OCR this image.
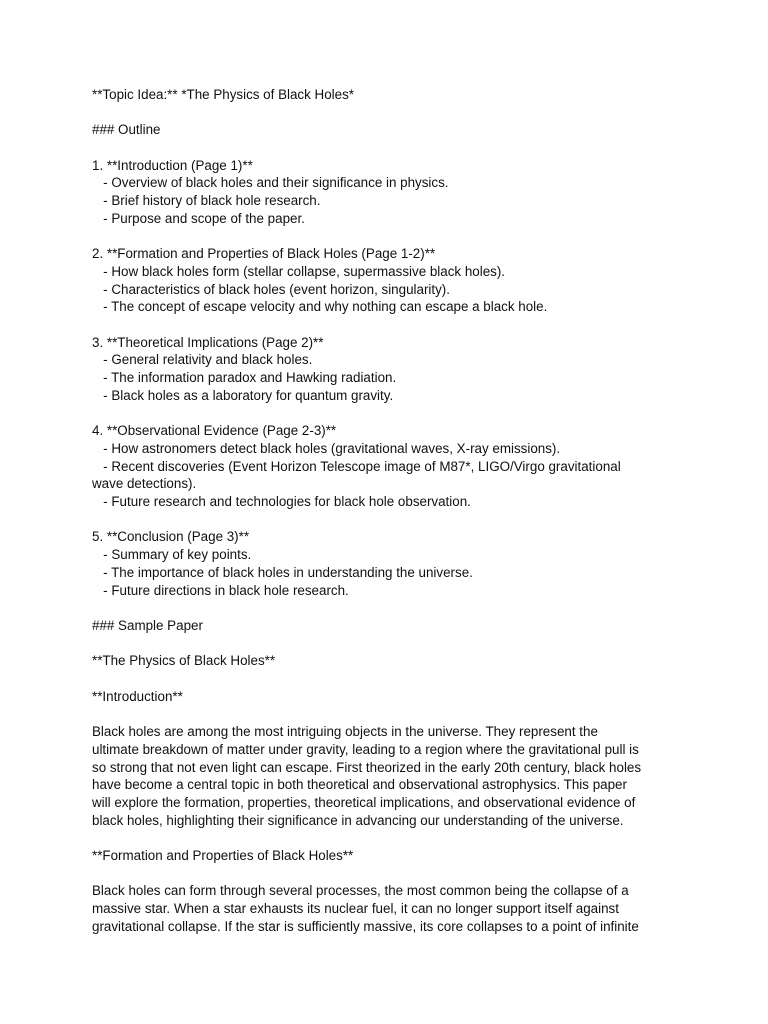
**Topic Idea:** *The Physics of Black Holes*

### Outline

1. **Introduction (Page 1)**

- Overview of black holes and their significance in physics.

- Brief history of black hole research.

- Purpose and scope of the paper.

2. **Formation and Properties of Black Holes (Page 1-2)**

- How black holes form (stellar collapse, supermassive black holes).

- Characteristics of black holes (event horizon, singularity).

- The concept of escape velocity and why nothing can escape a black hole.

3. **Theoretical Implications (Page 2)**

- General relativity and black holes.

- The information paradox and Hawking radiation.

- Black holes as a laboratory for quantum gravity.

4. **Observational Evidence (Page 2-3)**

- How astronomers detect black holes (gravitational waves, X-ray emissions).

- Recent discoveries (Event Horizon Telescope image of M87*, LIGO/Virgo gravitational

wave detections).

- Future research and technologies for black hole observation.

5. **Conclusion (Page 3)**

- Summary of key points.

- The importance of black holes in understanding the universe.

- Future directions in black hole research.

### Sample Paper

**The Physics of Black Holes**

**Introduction**

Black holes are among the most intriguing objects in the universe. They represent the

ultimate breakdown of matter under gravity, leading to a region where the gravitational pull is

so strong that not even light can escape. First theorized in the early 20th century, black holes

have become a central topic in both theoretical and observational astrophysics. This paper

will explore the formation, properties, theoretical implications, and observational evidence of

black holes, highlighting their significance in advancing our understanding of the universe.

**Formation and Properties of Black Holes**

Black holes can form through several processes, the most common being the collapse of a

massive star. When a star exhausts its nuclear fuel, it can no longer support itself against

gravitational collapse. If the star is sufficiently massive, its core collapses to a point of infinite
